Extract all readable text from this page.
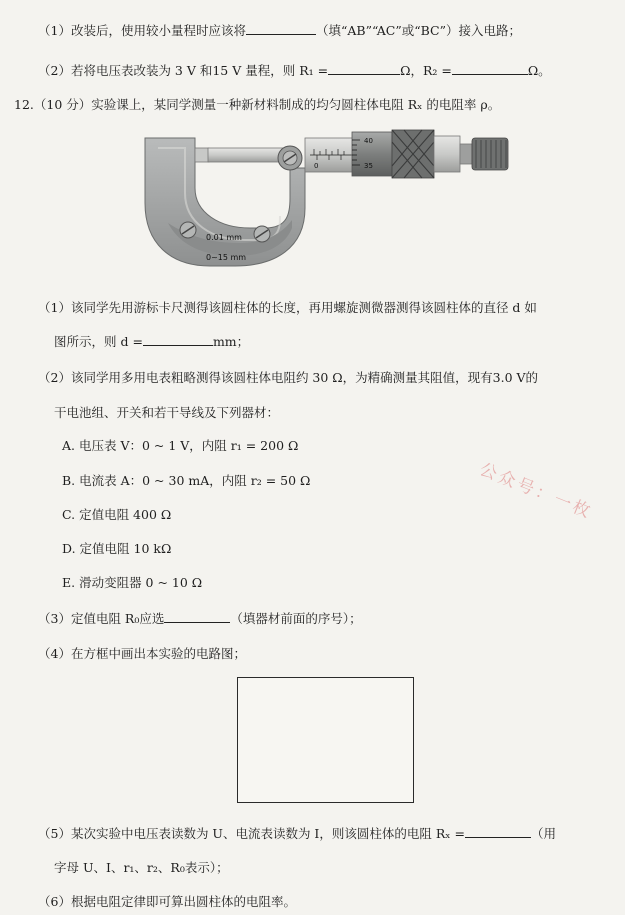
（1）改装后，使用较小量程时应该将	（填“AB”“AC”或“BC”）接入电路；
（2）若将电压表改装为 3 V 和15 V 量程，则 R₁ =	Ω，R₂ =	Ω。
12.（10 分）实验课上，某同学测量一种新材料制成的均匀圆柱体电阻 Rₓ 的电阻率 ρ。
0.01 mm
0~15 mm
0
40
35
（1）该同学先用游标卡尺测得该圆柱体的长度，再用螺旋测微器测得该圆柱体的直径 d 如
图所示，则 d =	mm；
（2）该同学用多用电表粗略测得该圆柱体电阻约 30 Ω，为精确测量其阻值，现有3.0 V的
干电池组、开关和若干导线及下列器材：
A. 电压表 V：0 ~ 1 V，内阻 r₁ = 200 Ω
B. 电流表 A：0 ~ 30 mA，内阻 r₂ = 50 Ω
C. 定值电阻 400 Ω
D. 定值电阻 10 kΩ
E. 滑动变阻器 0 ~ 10 Ω
（3）定值电阻 R₀应选	（填器材前面的序号）；
（4）在方框中画出本实验的电路图；
（5）某次实验中电压表读数为 U、电流表读数为 I，则该圆柱体的电阻 Rₓ =	（用
字母 U、I、r₁、r₂、R₀表示）；
（6）根据电阻定律即可算出圆柱体的电阻率。
公众号：一枚
